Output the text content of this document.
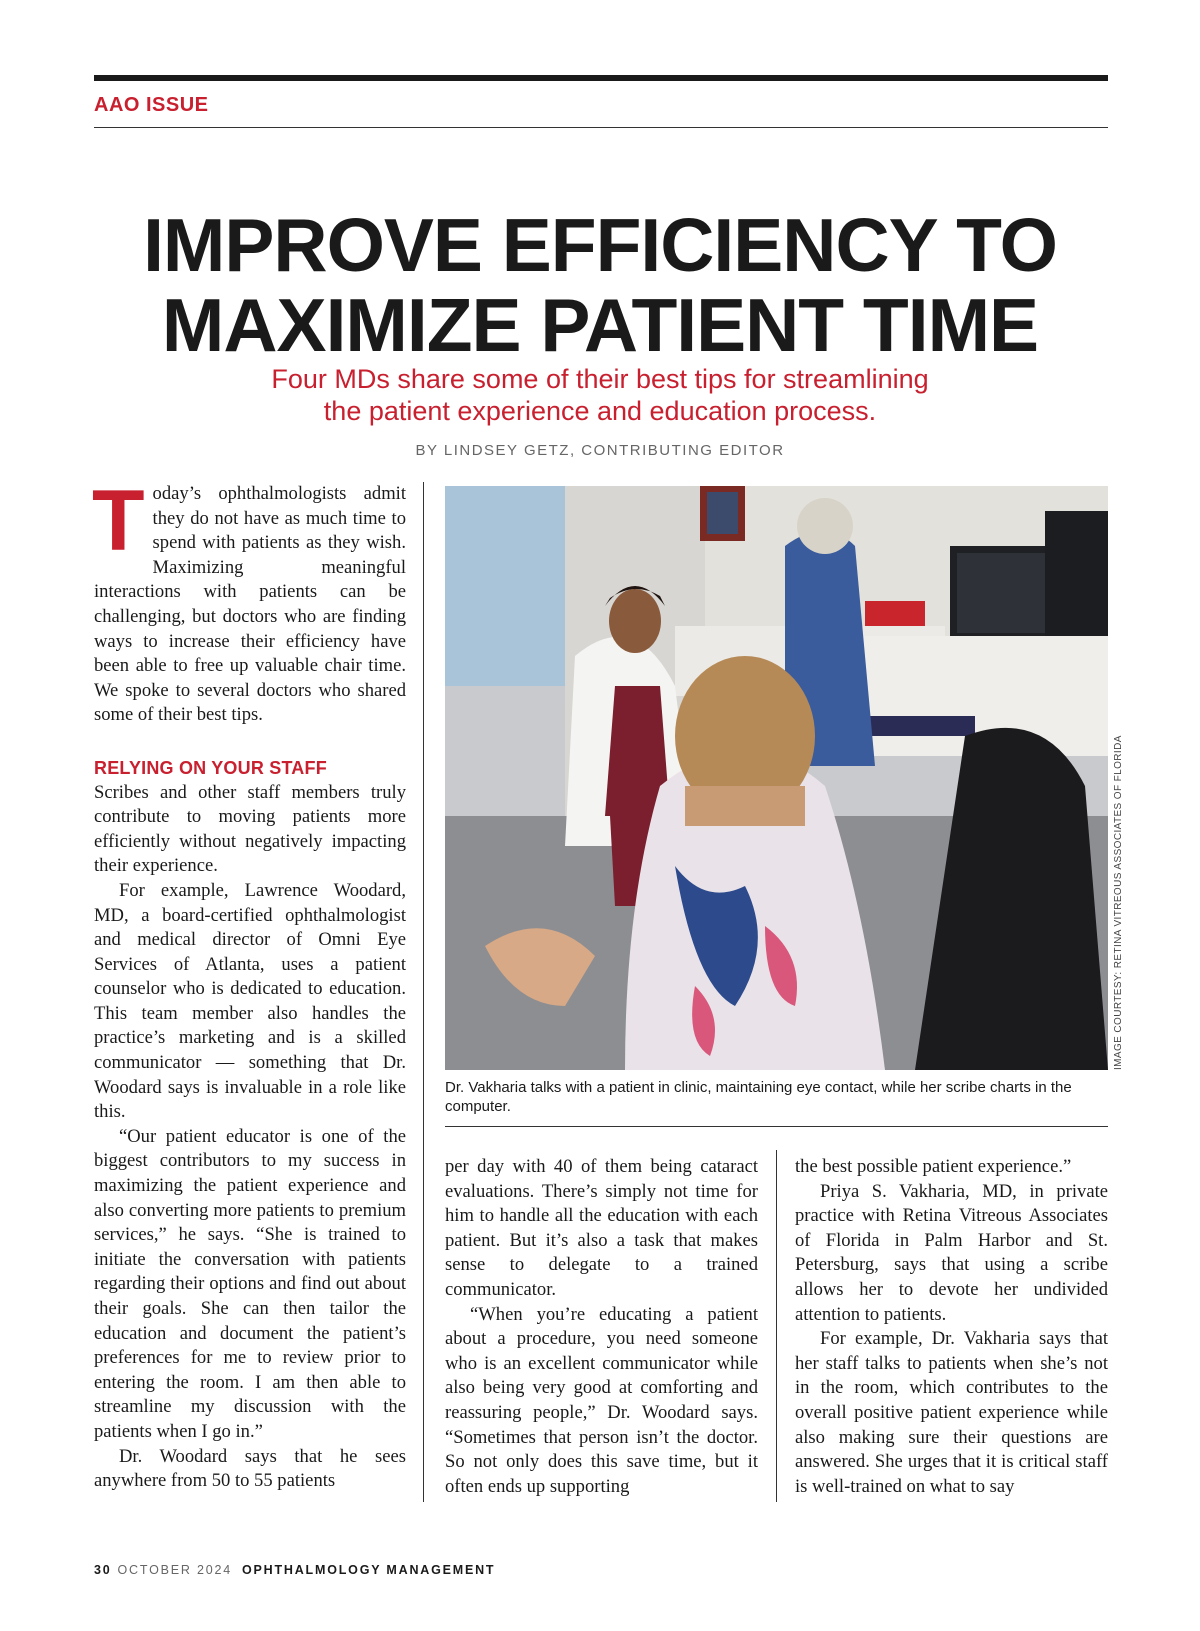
AAO ISSUE
IMPROVE EFFICIENCY TO
MAXIMIZE PATIENT TIME
Four MDs share some of their best tips for streamlining
the patient experience and education process.
BY LINDSEY GETZ, CONTRIBUTING EDITOR

Today’s ophthalmologists admit they do not have as much time to spend with patients as they wish. Maximizing meaningful interactions with patients can be challenging, but doctors who are finding ways to increase their efficiency have been able to free up valuable chair time. We spoke to several doctors who shared some of their best tips.

RELYING ON YOUR STAFF

Scribes and other staff members truly contribute to moving patients more efficiently without negatively impacting their experience.

For example, Lawrence Woodard, MD, a board-certified ophthalmologist and medical director of Omni Eye Services of Atlanta, uses a patient counselor who is dedicated to education. This team member also handles the practice’s marketing and is a skilled communicator — something that Dr. Woodard says is invaluable in a role like this.

“Our patient educator is one of the biggest contributors to my success in maximizing the patient experience and also converting more patients to premium services,” he says. “She is trained to initiate the conversation with patients regarding their options and find out about their goals. She can then tailor the education and document the patient’s preferences for me to review prior to entering the room. I am then able to streamline my discussion with the patients when I go in.”

Dr. Woodard says that he sees anywhere from 50 to 55 patients

IMAGE COURTESY: RETINA VITREOUS ASSOCIATES OF FLORIDA
Dr. Vakharia talks with a patient in clinic, maintaining eye contact, while her scribe charts in the computer.

per day with 40 of them being cataract evaluations. There’s simply not time for him to handle all the education with each patient. But it’s also a task that makes sense to delegate to a trained communicator.

“When you’re educating a patient about a procedure, you need someone who is an excellent communicator while also being very good at comforting and reassuring people,” Dr. Woodard says. “Sometimes that person isn’t the doctor. So not only does this save time, but it often ends up supporting

the best possible patient experience.”

Priya S. Vakharia, MD, in private practice with Retina Vitreous Associates of Florida in Palm Harbor and St. Petersburg, says that using a scribe allows her to devote her undivided attention to patients.

For example, Dr. Vakharia says that her staff talks to patients when she’s not in the room, which contributes to the overall positive patient experience while also making sure their questions are answered. She urges that it is critical staff is well-trained on what to say

30 OCTOBER 2024 OPHTHALMOLOGY MANAGEMENT
